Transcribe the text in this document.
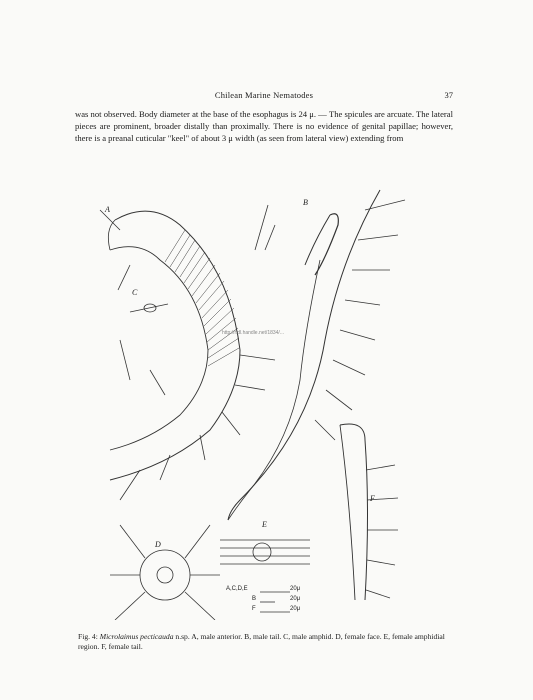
Chilean Marine Nematodes	37

was not observed. Body diameter at the base of the esophagus is 24 μ. — The spicules are arcuate. The lateral pieces are prominent, broader distally than proximally. There is no evidence of genital papillae; however, there is a preanal cuticular "keel" of about 3 μ width (as seen from lateral view) extending from

A
B
C
D
E
F
A,C,D,E	20μ
B	20μ
F	20μ
http://hdl.handle.net/1834/...
Fig. 4: Microlaimus pecticauda n.sp. A, male anterior. B, male tail. C, male amphid. D, female face. E, female amphidial region. F, female tail.
